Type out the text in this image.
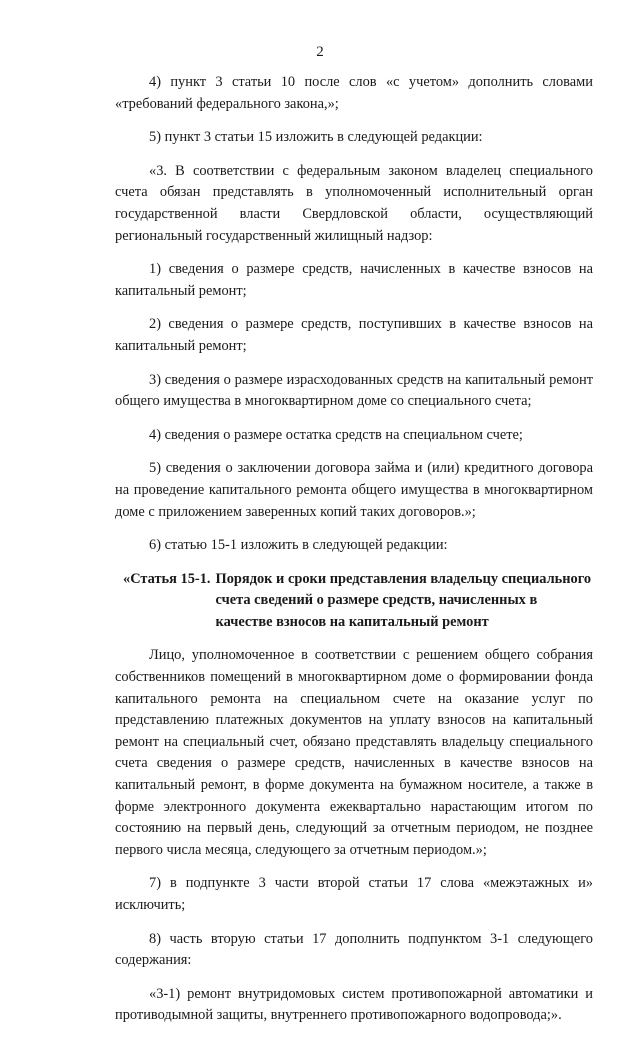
2

4) пункт 3 статьи 10 после слов «с учетом» дополнить словами «требований федерального закона,»;

5) пункт 3 статьи 15 изложить в следующей редакции:

«3. В соответствии с федеральным законом владелец специального счета обязан представлять в уполномоченный исполнительный орган государственной власти Свердловской области, осуществляющий региональный государственный жилищный надзор:

1) сведения о размере средств, начисленных в качестве взносов на капитальный ремонт;

2) сведения о размере средств, поступивших в качестве взносов на капитальный ремонт;

3) сведения о размере израсходованных средств на капитальный ремонт общего имущества в многоквартирном доме со специального счета;

4) сведения о размере остатка средств на специальном счете;

5) сведения о заключении договора займа и (или) кредитного договора на проведение капитального ремонта общего имущества в многоквартирном доме с приложением заверенных копий таких договоров.»;

6) статью 15-1 изложить в следующей редакции:

«Статья 15-1. Порядок и сроки представления владельцу специального счета сведений о размере средств, начисленных в качестве взносов на капитальный ремонт

Лицо, уполномоченное в соответствии с решением общего собрания собственников помещений в многоквартирном доме о формировании фонда капитального ремонта на специальном счете на оказание услуг по представлению платежных документов на уплату взносов на капитальный ремонт на специальный счет, обязано представлять владельцу специального счета сведения о размере средств, начисленных в качестве взносов на капитальный ремонт, в форме документа на бумажном носителе, а также в форме электронного документа ежеквартально нарастающим итогом по состоянию на первый день, следующий за отчетным периодом, не позднее первого числа месяца, следующего за отчетным периодом.»;

7) в подпункте 3 части второй статьи 17 слова «межэтажных и» исключить;

8) часть вторую статьи 17 дополнить подпунктом 3-1 следующего содержания:

«3-1) ремонт внутридомовых систем противопожарной автоматики и противодымной защиты, внутреннего противопожарного водопровода;».
